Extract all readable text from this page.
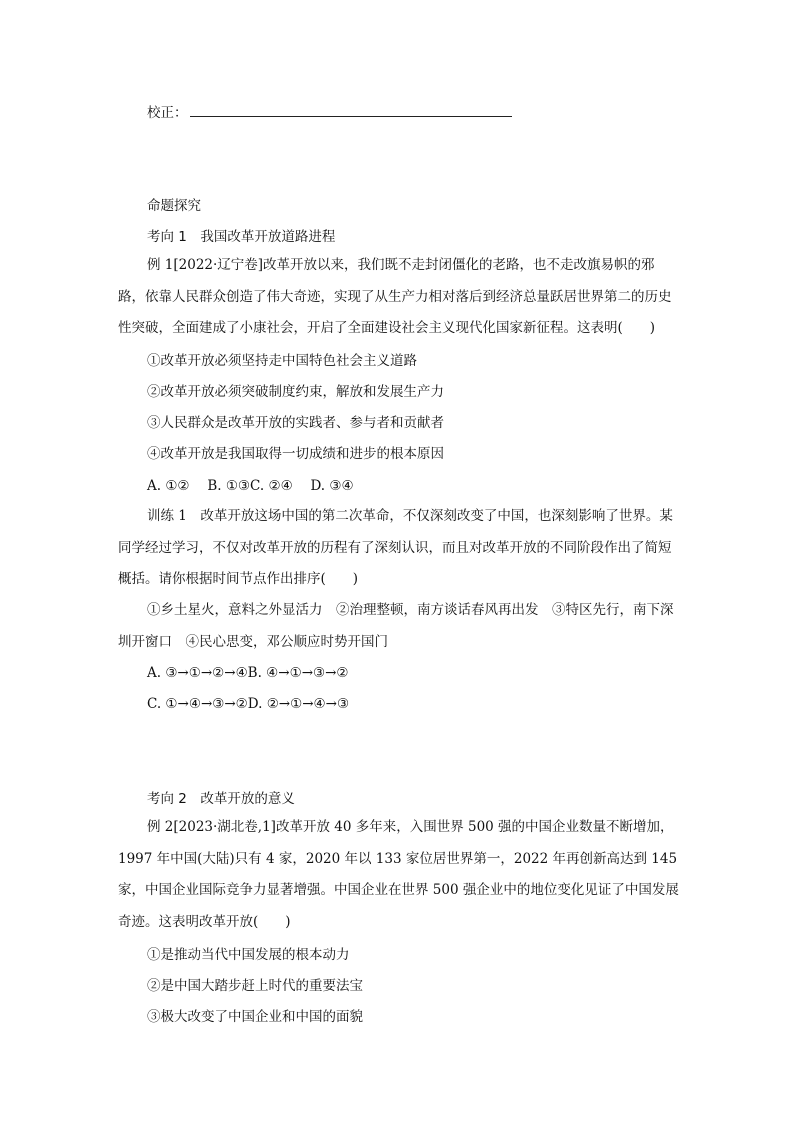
校正：
命题探究
考向 1　我国改革开放道路进程
例 1[2022·辽宁卷]改革开放以来，我们既不走封闭僵化的老路，也不走改旗易帜的邪路，依靠人民群众创造了伟大奇迹，实现了从生产力相对落后到经济总量跃居世界第二的历史性突破，全面建成了小康社会，开启了全面建设社会主义现代化国家新征程。这表明(　　)
①改革开放必须坚持走中国特色社会主义道路
②改革开放必须突破制度约束，解放和发展生产力
③人民群众是改革开放的实践者、参与者和贡献者
④改革开放是我国取得一切成绩和进步的根本原因
A. ①②　 B. ①③C. ②④　 D. ③④
训练 1　改革开放这场中国的第二次革命，不仅深刻改变了中国，也深刻影响了世界。某同学经过学习，不仅对改革开放的历程有了深刻认识，而且对改革开放的不同阶段作出了简短概括。请你根据时间节点作出排序(　　)
①乡土星火，意料之外显活力　②治理整顿，南方谈话春风再出发　③特区先行，南下深圳开窗口　④民心思变，邓公顺应时势开国门
A. ③→①→②→④B. ④→①→③→②
C. ①→④→③→②D. ②→①→④→③
考向 2　改革开放的意义
例 2[2023·湖北卷,1]改革开放 40 多年来，入围世界 500 强的中国企业数量不断增加，1997 年中国(大陆)只有 4 家，2020 年以 133 家位居世界第一，2022 年再创新高达到 145 家，中国企业国际竞争力显著增强。中国企业在世界 500 强企业中的地位变化见证了中国发展奇迹。这表明改革开放(　　)
①是推动当代中国发展的根本动力
②是中国大踏步赶上时代的重要法宝
③极大改变了中国企业和中国的面貌
